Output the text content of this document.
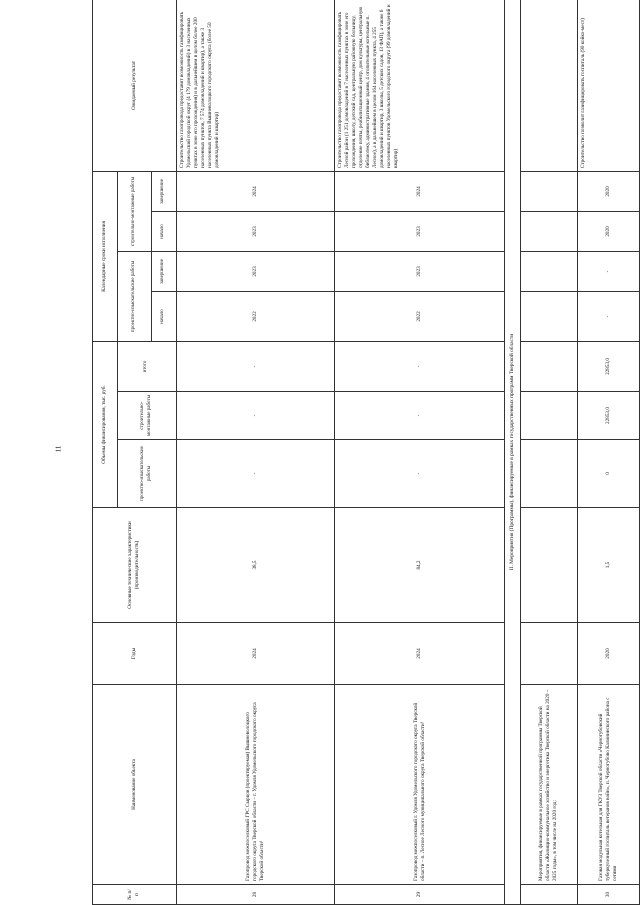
11
№ п/п	Наименование объекта	Годы	Основные технические характеристики (производительность)	Объемы финансирования, тыс. руб.			Календарные сроки исполнения				Ожидаемый результат
				проектно-изыскательские работы	строительно-монтажные работы	итого	проектно-изыскательские работы		строительно-монтажные работы		
							начало	завершение	начало	завершение	
28	Газопровод межпоселковый ГРС Сырцов (проектируемая) Вышневолоцкого городского округа Тверской области – г. Удомля Удомельского городского округа Тверской области¹	2024	38,5	-	-	-	2022	2023	2023	2024	Строительство газопровода предоставит возможность газифицировать Удомельский городской округ (4 179 домовладений) в 3 населенных пунктах в зоне его прохождения) и в дальнейшем в целом более 200 населенных пунктов, 7 574 домовладений и квартир), а также 3 населенных пункта Вышневолоцкого городского округа (более 50 домовладений и квартир)
29	Газопровод межпоселковый г. Удомля Удомельского городского округа Тверской области – п. Лесное Лесного муниципального округа Тверской области¹	2024	84,2	-	-	-	2022	2023	2023	2024	Строительство газопровода предоставит возможность газифицировать Лесной район (1 251 домовладений в 7 населенных пунктах в зоне его прохождения, школу, детский сад, центральную районную больницу, отделение почты, реабилитационный центр, дом культуры, центральную библиотеку, административные здания, 4 отопительные котельные п. Лесное), а в дальнейшем в целом 164 населенных пункта, 4 255 домовладений и квартир, 3 школы, 5 детских садов, 13 ФАП), а также 6 населенных пунктов Удомельского городского округа (99 домовладений и квартир)
II. Мероприятия (Программы), финансируемые в рамках государственных программ Тверской области											
	Мероприятия, финансируемые в рамках государственной программы Тверской области «Жилищно-коммунальное хозяйство и энергетика Тверской области на 2020 – 2025 годы», в том числе на 2020 год:										
30	Газовая модульная котельная для ГКУЗ Тверской области «Черногубовский туберкулезный госпиталь ветеранов войн», п. Черногубово Калининского района с сетями	2020	1,5	0	22853,0	22853,0	-	-	2020	2020	Строительство позволит газифицировать госпиталь (90 койко-мест)
